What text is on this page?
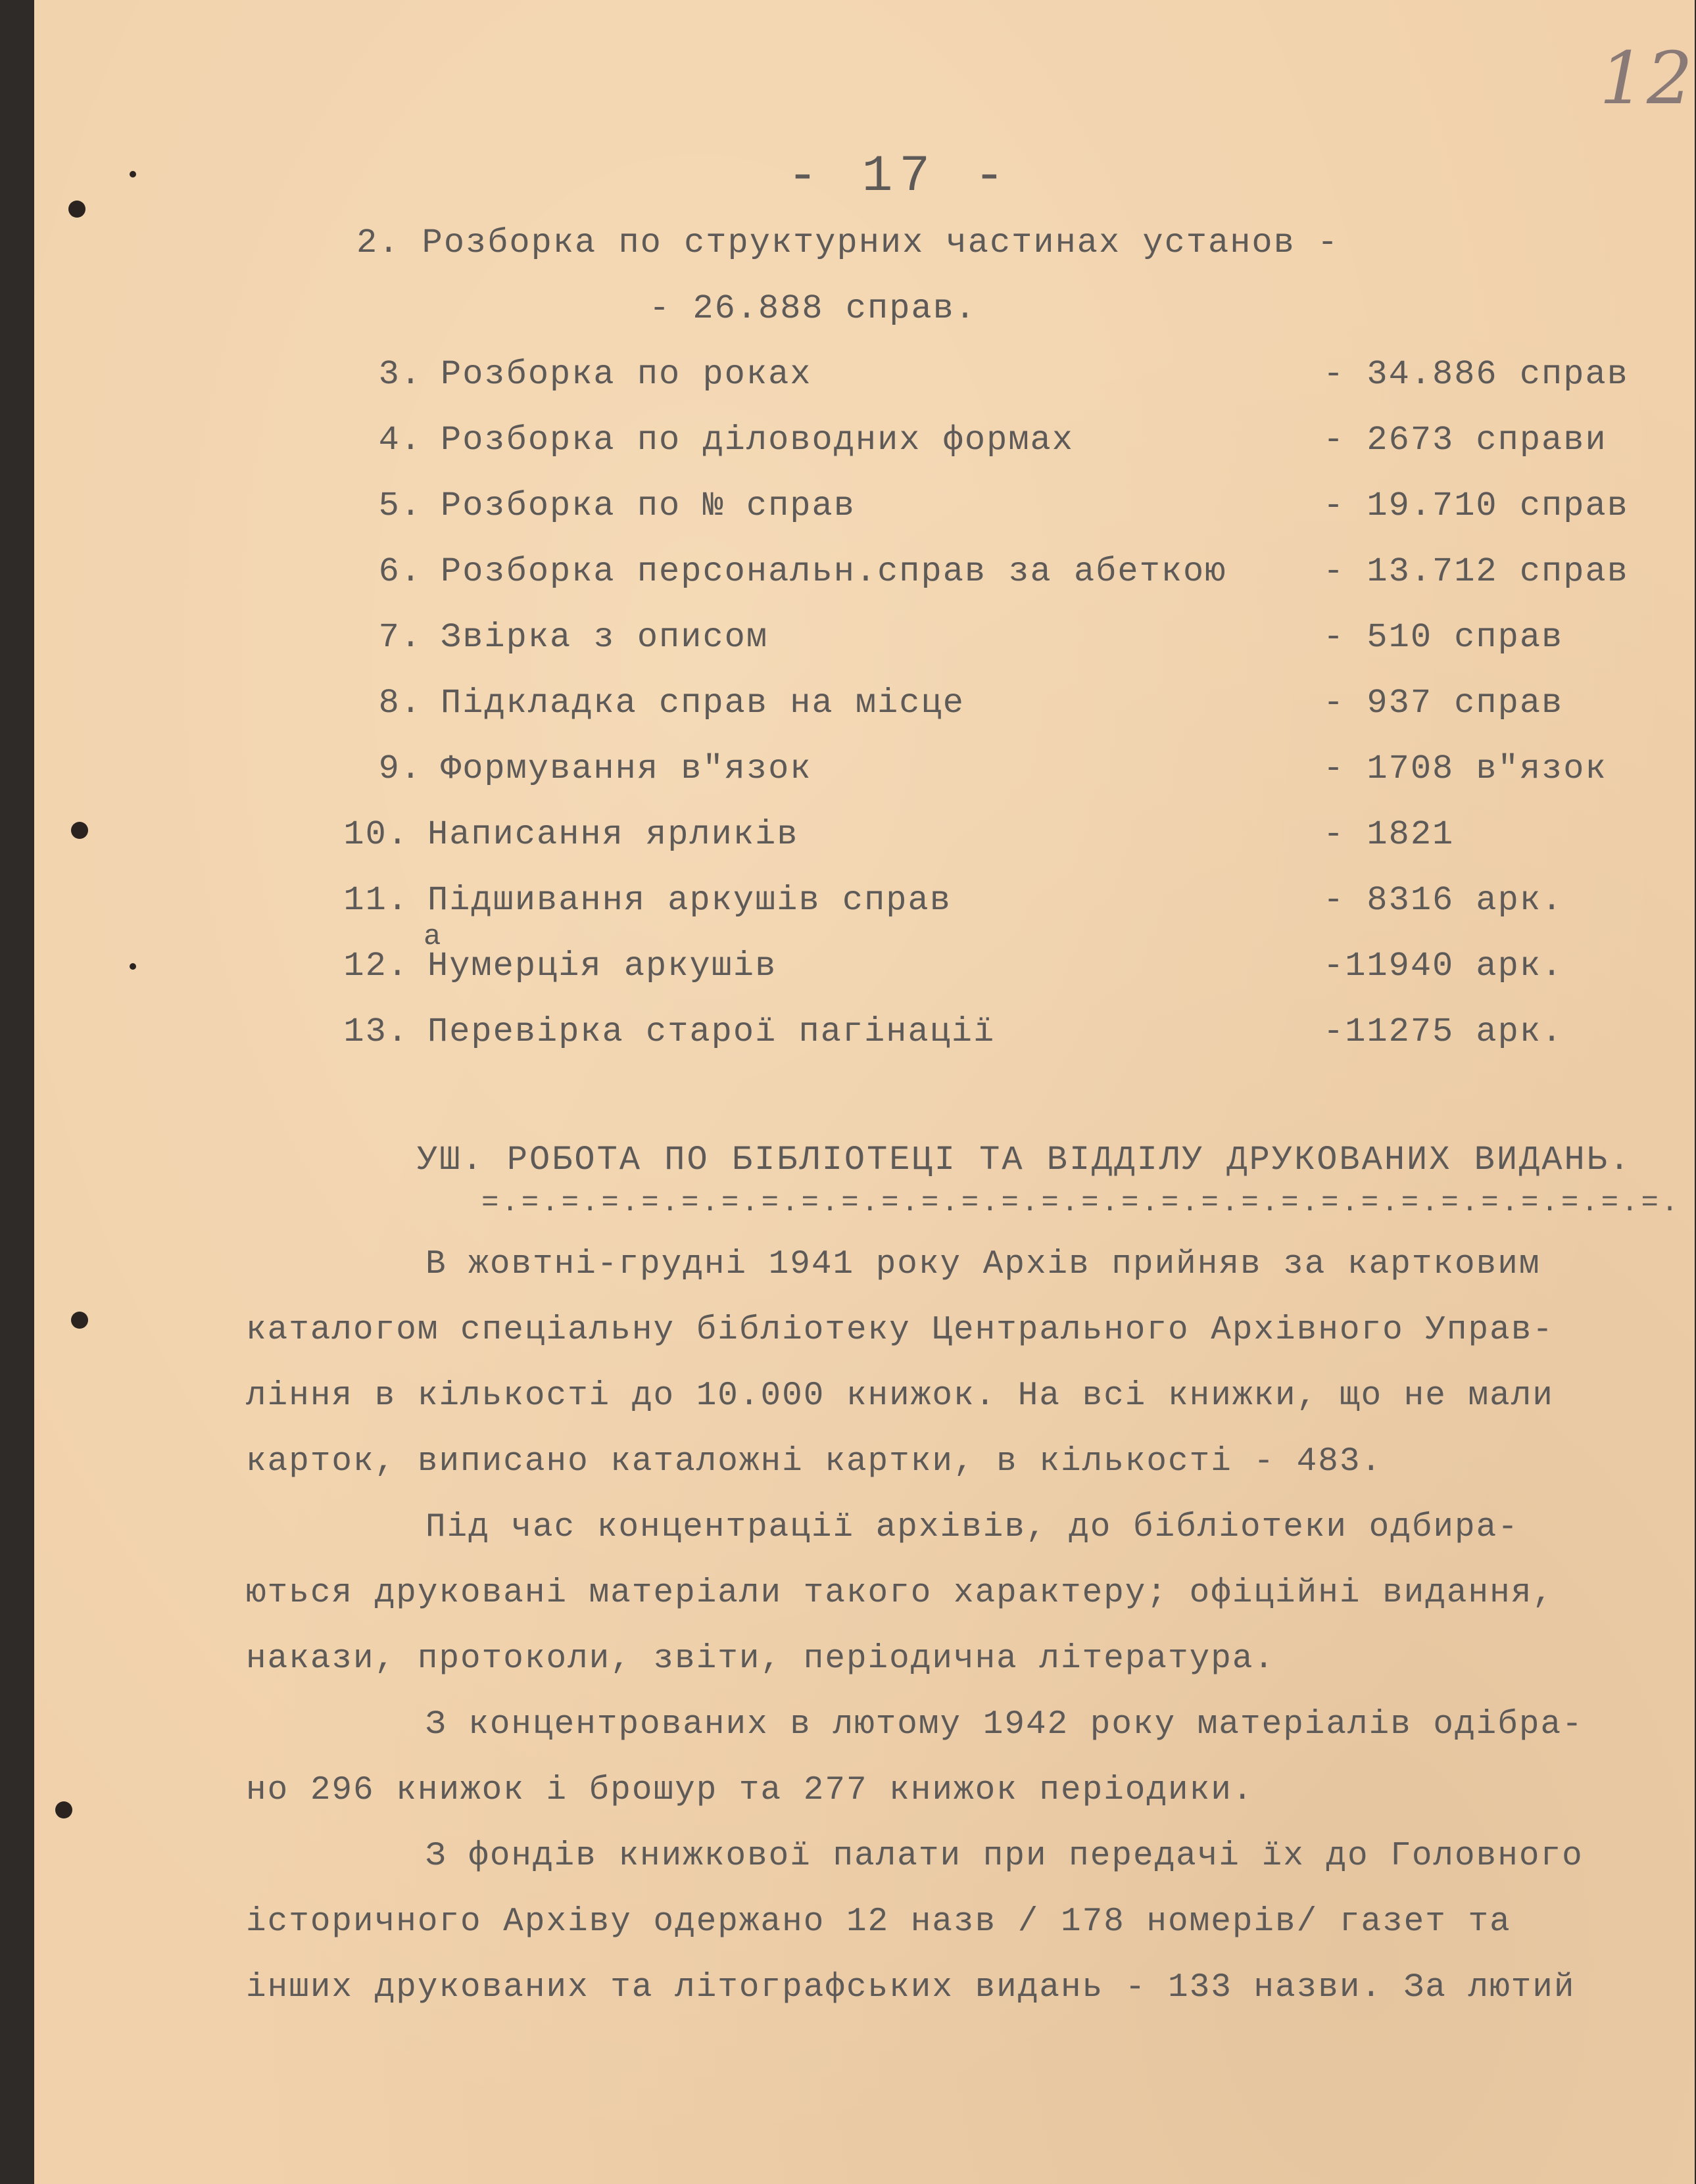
12
- 17 -
2. Розборка по структурних частинах установ -
- 26.888 справ.
3. Розборка по роках	- 34.886 справ
4. Розборка по діловодних формах	- 2673 справи
5. Розборка по № справ	- 19.710 справ
6. Розборка персональн.справ за абеткою	- 13.712 справ
7. Звірка з описом	- 510 справ
8. Підкладка справ на місце	- 937 справ
9. Формування в"язок	- 1708 в"язок
10. Написання ярликів	- 1821
11. Підшивання аркушів справ	- 8316 арк.
12. Нумерція аркушів	-11940 арк.
13. Перевірка старої пагінації	-11275 арк.
а
УШ. РОБОТА ПО БІБЛІОТЕЦІ ТА ВІДДІЛУ ДРУКОВАНИХ ВИДАНЬ.
=.=.=.=.=.=.=.=.=.=.=.=.=.=.=.=.=.=.=.=.=.=.=.=.=.=.=.=.=.=.
В жовтні-грудні 1941 року Архів прийняв за картковим
каталогом спеціальну бібліотеку Центрального Архівного Управ-
ління в кількості до 10.000 книжок. На всі книжки, що не мали
карток, виписано каталожні картки, в кількості - 483.
Під час концентрації архівів, до бібліотеки одбира-
ються друковані матеріали такого характеру; офіційні видання,
накази, протоколи, звіти, періодична література.
З концентрованих в лютому 1942 року матеріалів одібра-
но 296 книжок і брошур та 277 книжок періодики.
З фондів книжкової палати при передачі їх до Головного
історичного Архіву одержано 12 назв / 178 номерів/ газет та
інших друкованих та літографських видань - 133 назви. За лютий
